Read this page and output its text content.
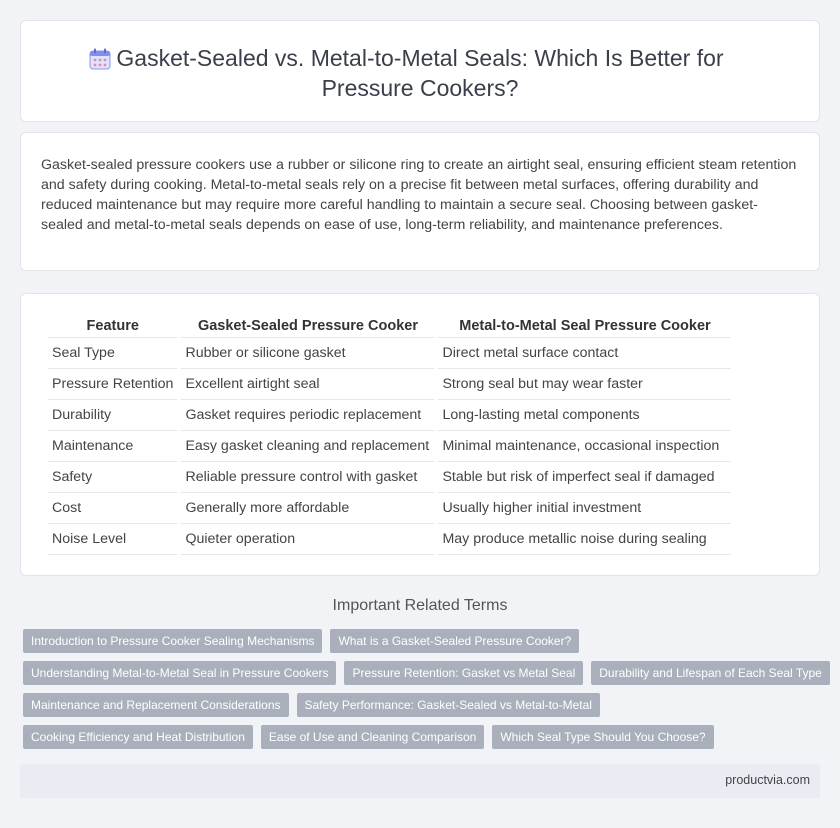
Gasket-Sealed vs. Metal-to-Metal Seals: Which Is Better for
Pressure Cookers?

Gasket-sealed pressure cookers use a rubber or silicone ring to create an airtight seal, ensuring efficient steam retention and safety during cooking. Metal-to-metal seals rely on a precise fit between metal surfaces, offering durability and reduced maintenance but may require more careful handling to maintain a secure seal. Choosing between gasket-sealed and metal-to-metal seals depends on ease of use, long-term reliability, and maintenance preferences.

Feature	Gasket-Sealed Pressure Cooker	Metal-to-Metal Seal Pressure Cooker
Seal Type	Rubber or silicone gasket	Direct metal surface contact
Pressure Retention	Excellent airtight seal	Strong seal but may wear faster
Durability	Gasket requires periodic replacement	Long-lasting metal components
Maintenance	Easy gasket cleaning and replacement	Minimal maintenance, occasional inspection
Safety	Reliable pressure control with gasket	Stable but risk of imperfect seal if damaged
Cost	Generally more affordable	Usually higher initial investment
Noise Level	Quieter operation	May produce metallic noise during sealing
Important Related Terms
Introduction to Pressure Cooker Sealing Mechanisms	What is a Gasket-Sealed Pressure Cooker?
Understanding Metal-to-Metal Seal in Pressure Cookers	Pressure Retention: Gasket vs Metal Seal	Durability and Lifespan of Each Seal Type
Maintenance and Replacement Considerations	Safety Performance: Gasket-Sealed vs Metal-to-Metal
Cooking Efficiency and Heat Distribution	Ease of Use and Cleaning Comparison	Which Seal Type Should You Choose?
productvia.com
